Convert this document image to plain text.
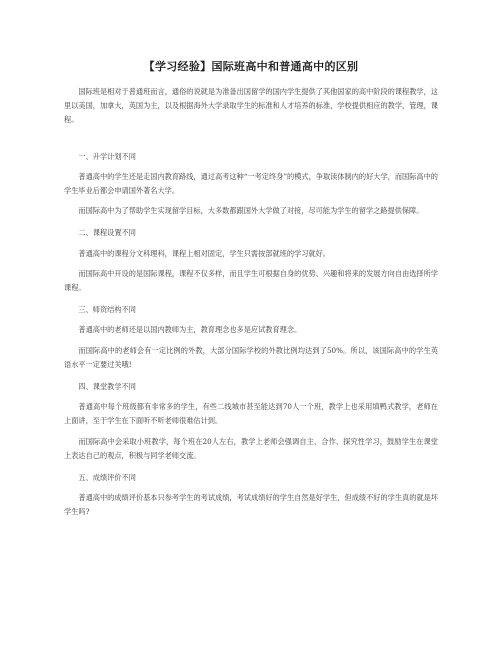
【学习经验】国际班高中和普通高中的区别

国际班是相对于普通班而言，通俗的说就是为准备出国留学的国内学生提供了其他国家的高中阶段的课程教学，这里以美国，加拿大，英国为主，以及根据海外大学录取学生的标准和人才培养的标准，学校提供相应的教学，管理，课程。

一、升学计划不同

普通高中的学生还是走国内教育路线，通过高考这种“一考定终身”的模式，争取读体制内的好大学，而国际高中的学生毕业后都会申请国外著名大学。

而国际高中为了帮助学生实现留学目标，大多数都跟国外大学做了对接，尽可能为学生的留学之路提供保障。

二、课程设置不同

普通高中的课程分文科理科，课程上相对固定，学生只需按部就班的学习就好。

而国际高中开设的是国际课程，课程不仅多样，而且学生可根据自身的优势、兴趣和将来的发展方向自由选择所学课程。

三、师资结构不同

普通高中的老师还是以国内教师为主，教育理念也多是应试教育理念。

而国际高中的老师会有一定比例的外教，大部分国际学校的外教比例均达到了50%。所以，该国际高中的学生英语水平一定要过关哦!

四、课堂教学不同

普通高中每个班级都有非常多的学生，有些二线城市甚至能达到70人一个班，教学上也采用填鸭式教学，老师在上面讲，至于学生在下面听不听老师很难估计到。

而国际高中会采取小班教学，每个班在20人左右，教学上老师会强调自主、合作、探究性学习，鼓励学生在课堂上表达自己的观点，积极与同学老师交流。

五、成绩评价不同

普通高中的成绩评价基本只参考学生的考试成绩，考试成绩好的学生自然是好学生，但成绩不好的学生真的就是坏学生吗?
